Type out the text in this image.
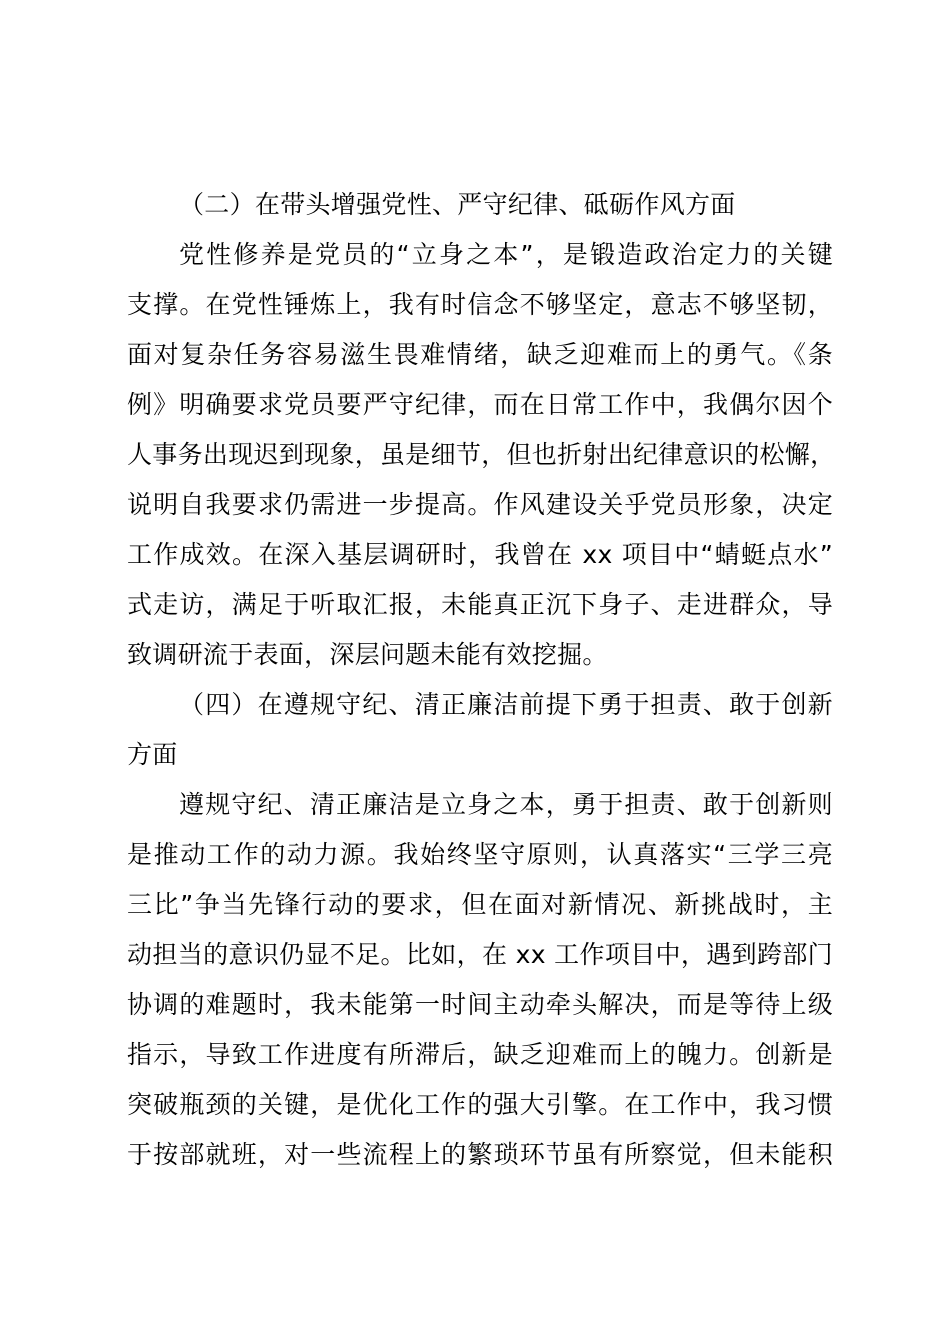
（二）在带头增强党性、严守纪律、砥砺作风方面
党性修养是党员的“立身之本”，是锻造政治定力的关键
支撑。在党性锤炼上，我有时信念不够坚定，意志不够坚韧，
面对复杂任务容易滋生畏难情绪，缺乏迎难而上的勇气。《条
例》明确要求党员要严守纪律，而在日常工作中，我偶尔因个
人事务出现迟到现象，虽是细节，但也折射出纪律意识的松懈，
说明自我要求仍需进一步提高。作风建设关乎党员形象，决定
工作成效。在深入基层调研时，我曾在 xx 项目中“蜻蜓点水”
式走访，满足于听取汇报，未能真正沉下身子、走进群众，导
致调研流于表面，深层问题未能有效挖掘。
（四）在遵规守纪、清正廉洁前提下勇于担责、敢于创新
方面
遵规守纪、清正廉洁是立身之本，勇于担责、敢于创新则
是推动工作的动力源。我始终坚守原则，认真落实“三学三亮
三比”争当先锋行动的要求，但在面对新情况、新挑战时，主
动担当的意识仍显不足。比如，在 xx 工作项目中，遇到跨部门
协调的难题时，我未能第一时间主动牵头解决，而是等待上级
指示，导致工作进度有所滞后，缺乏迎难而上的魄力。创新是
突破瓶颈的关键，是优化工作的强大引擎。在工作中，我习惯
于按部就班，对一些流程上的繁琐环节虽有所察觉，但未能积
